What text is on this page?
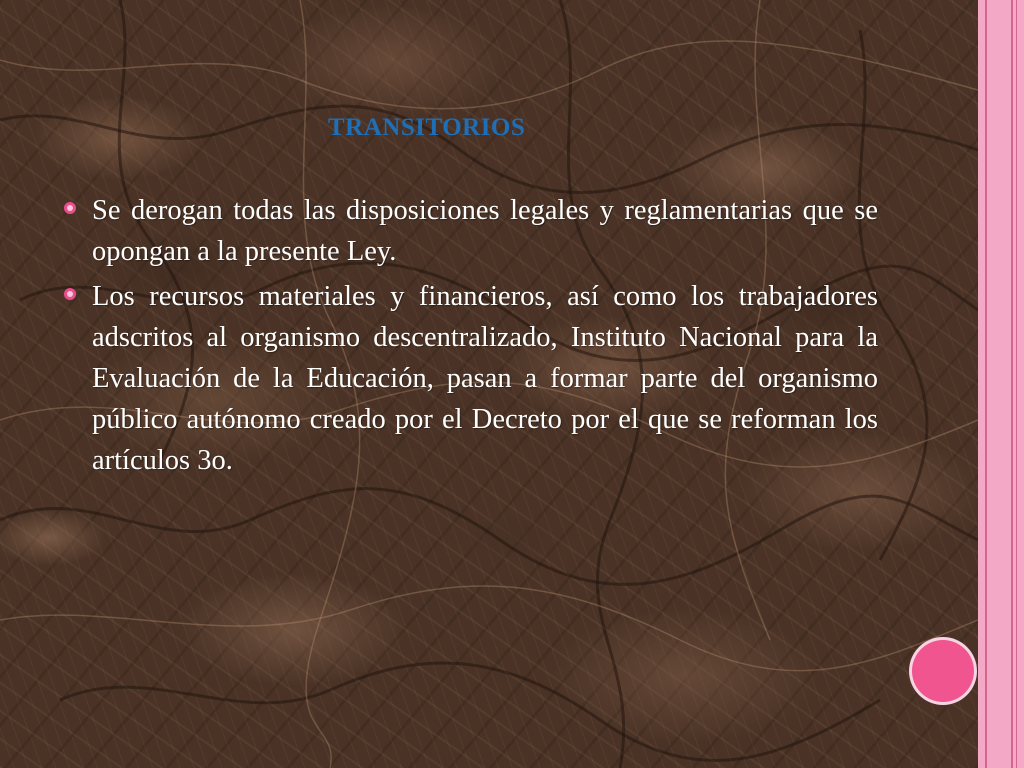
TRANSITORIOS
Se derogan todas las disposiciones legales y reglamentarias que se opongan a la presente Ley.
Los recursos materiales y financieros, así como los trabajadores adscritos al organismo descentralizado, Instituto Nacional para la Evaluación de la Educación, pasan a formar parte del organismo público autónomo creado por el Decreto por el que se reforman los artículos 3o.
